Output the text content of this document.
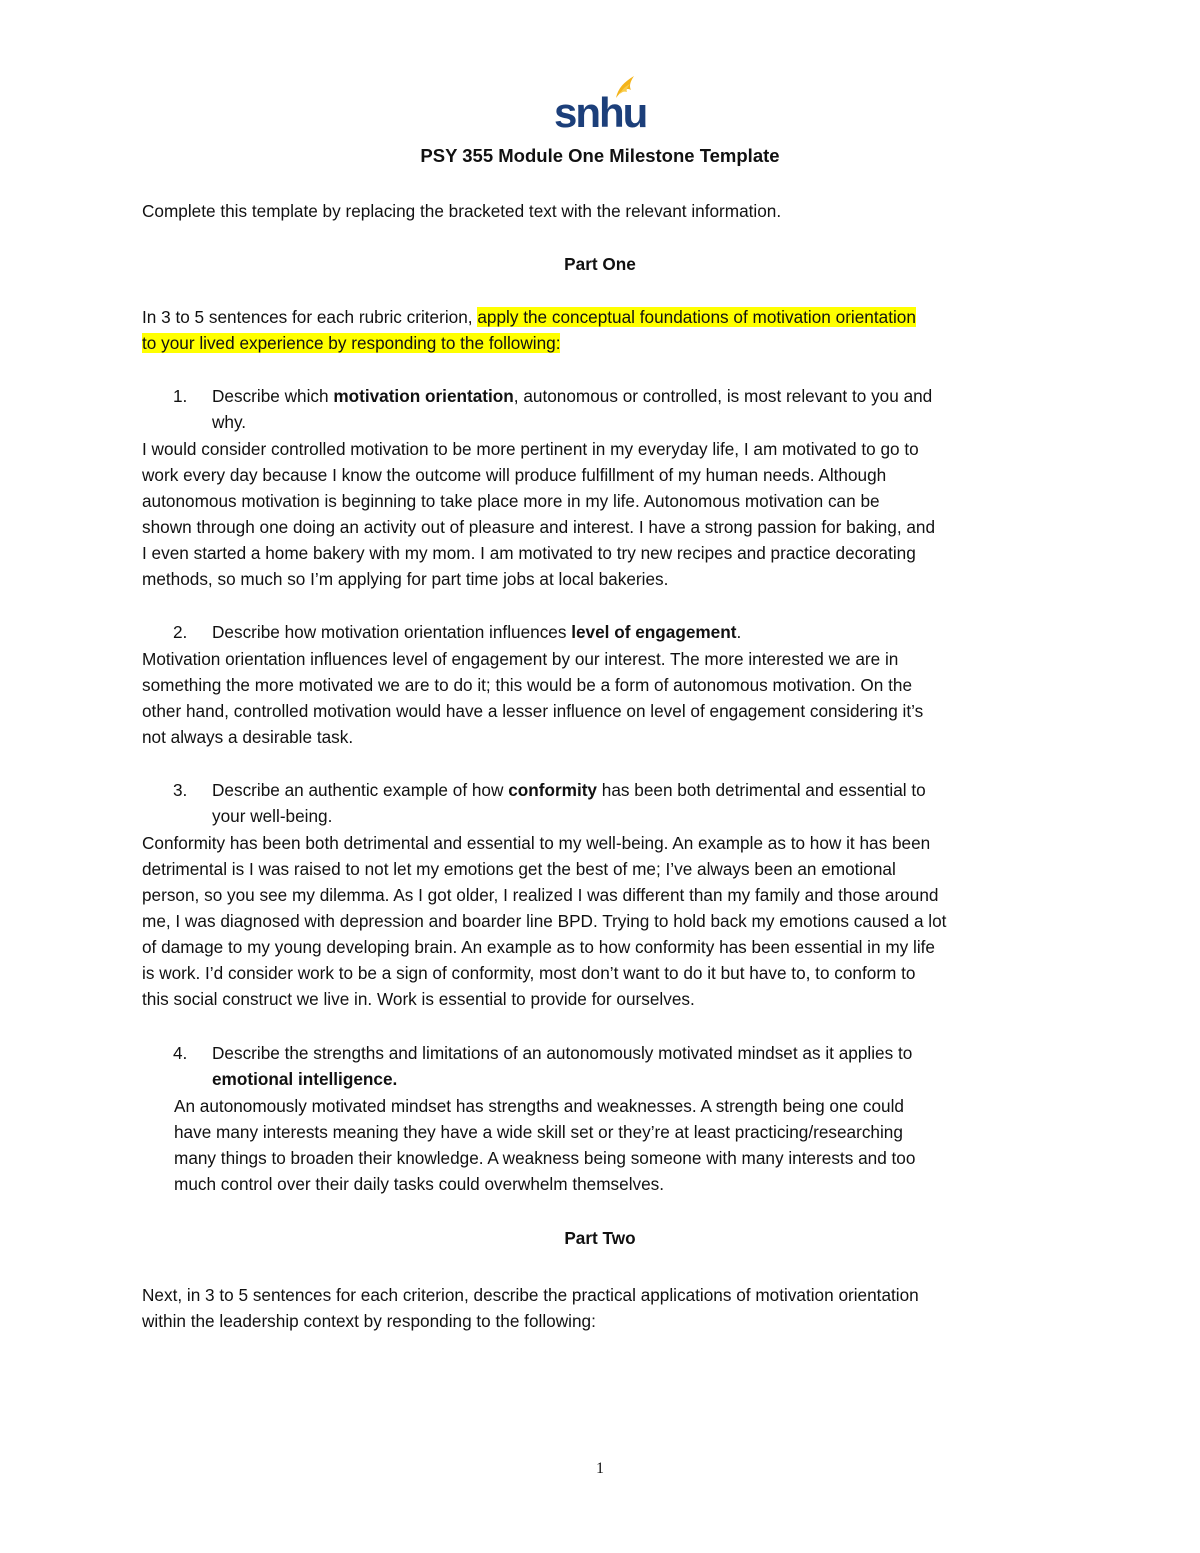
snhu
PSY 355 Module One Milestone Template
Complete this template by replacing the bracketed text with the relevant information.
Part One
In 3 to 5 sentences for each rubric criterion, apply the conceptual foundations of motivation orientation
to your lived experience by responding to the following:
1. Describe which motivation orientation, autonomous or controlled, is most relevant to you and
why.
I would consider controlled motivation to be more pertinent in my everyday life, I am motivated to go to
work every day because I know the outcome will produce fulfillment of my human needs. Although
autonomous motivation is beginning to take place more in my life. Autonomous motivation can be
shown through one doing an activity out of pleasure and interest. I have a strong passion for baking, and
I even started a home bakery with my mom. I am motivated to try new recipes and practice decorating
methods, so much so I’m applying for part time jobs at local bakeries.
2. Describe how motivation orientation influences level of engagement.
Motivation orientation influences level of engagement by our interest. The more interested we are in
something the more motivated we are to do it; this would be a form of autonomous motivation. On the
other hand, controlled motivation would have a lesser influence on level of engagement considering it’s
not always a desirable task.
3. Describe an authentic example of how conformity has been both detrimental and essential to
your well-being.
Conformity has been both detrimental and essential to my well-being. An example as to how it has been
detrimental is I was raised to not let my emotions get the best of me; I’ve always been an emotional
person, so you see my dilemma. As I got older, I realized I was different than my family and those around
me, I was diagnosed with depression and boarder line BPD. Trying to hold back my emotions caused a lot
of damage to my young developing brain. An example as to how conformity has been essential in my life
is work. I’d consider work to be a sign of conformity, most don’t want to do it but have to, to conform to
this social construct we live in. Work is essential to provide for ourselves.
4. Describe the strengths and limitations of an autonomously motivated mindset as it applies to
emotional intelligence.
An autonomously motivated mindset has strengths and weaknesses. A strength being one could
have many interests meaning they have a wide skill set or they’re at least practicing/researching
many things to broaden their knowledge. A weakness being someone with many interests and too
much control over their daily tasks could overwhelm themselves.
Part Two
Next, in 3 to 5 sentences for each criterion, describe the practical applications of motivation orientation
within the leadership context by responding to the following:
1
